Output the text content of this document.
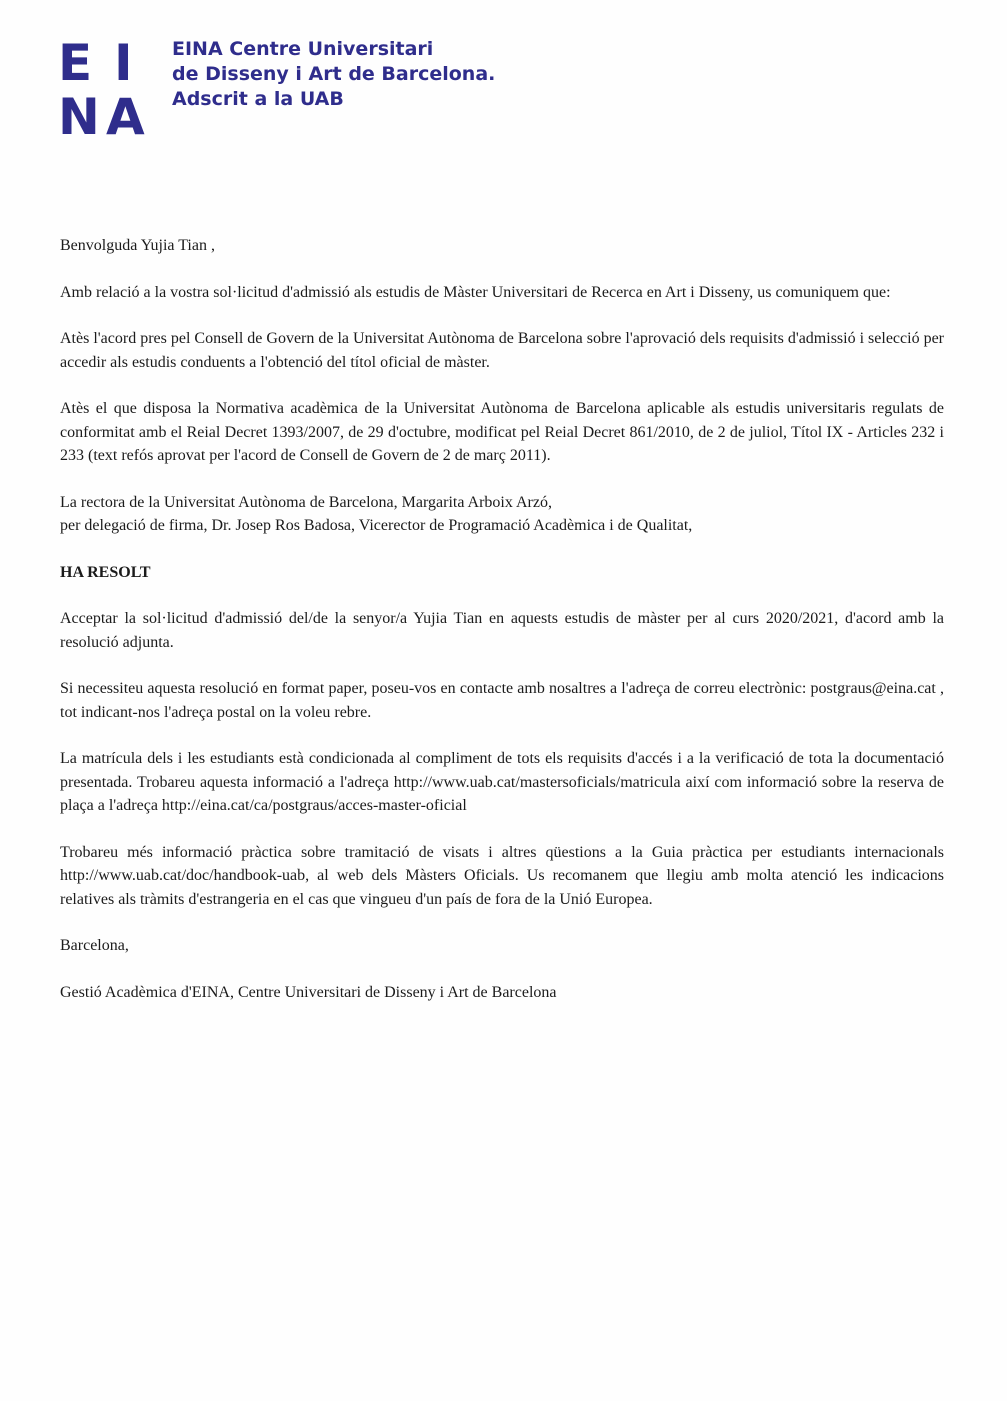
E I
N A
EINA Centre Universitari
de Disseny i Art de Barcelona.
Adscrit a la UAB

Benvolguda Yujia Tian ,

Amb relació a la vostra sol·licitud d'admissió als estudis de Màster Universitari de Recerca en Art i Disseny, us comuniquem que:

Atès l'acord pres pel Consell de Govern de la Universitat Autònoma de Barcelona sobre l'aprovació dels requisits d'admissió i selecció per accedir als estudis conduents a l'obtenció del títol oficial de màster.

Atès el que disposa la Normativa acadèmica de la Universitat Autònoma de Barcelona aplicable als estudis universitaris regulats de conformitat amb el Reial Decret 1393/2007, de 29 d'octubre, modificat pel Reial Decret 861/2010, de 2 de juliol, Títol IX - Articles 232 i 233 (text refós aprovat per l'acord de Consell de Govern de 2 de març 2011).

La rectora de la Universitat Autònoma de Barcelona, Margarita Arboix Arzó,
per delegació de firma, Dr. Josep Ros Badosa, Vicerector de Programació Acadèmica i de Qualitat,

HA RESOLT

Acceptar la sol·licitud d'admissió del/de la senyor/a Yujia Tian en aquests estudis de màster per al curs 2020/2021, d'acord amb la resolució adjunta.

Si necessiteu aquesta resolució en format paper, poseu-vos en contacte amb nosaltres a l'adreça de correu electrònic: postgraus@eina.cat , tot indicant-nos l'adreça postal on la voleu rebre.

La matrícula dels i les estudiants està condicionada al compliment de tots els requisits d'accés i a la verificació de tota la documentació presentada. Trobareu aquesta informació a l'adreça http://www.uab.cat/mastersoficials/matricula així com informació sobre la reserva de plaça a l'adreça http://eina.cat/ca/postgraus/acces-master-oficial

Trobareu més informació pràctica sobre tramitació de visats i altres qüestions a la Guia pràctica per estudiants internacionals http://www.uab.cat/doc/handbook-uab, al web dels Màsters Oficials. Us recomanem que llegiu amb molta atenció les indicacions relatives als tràmits d'estrangeria en el cas que vingueu d'un país de fora de la Unió Europea.

Barcelona,

Gestió Acadèmica d'EINA, Centre Universitari de Disseny i Art de Barcelona
